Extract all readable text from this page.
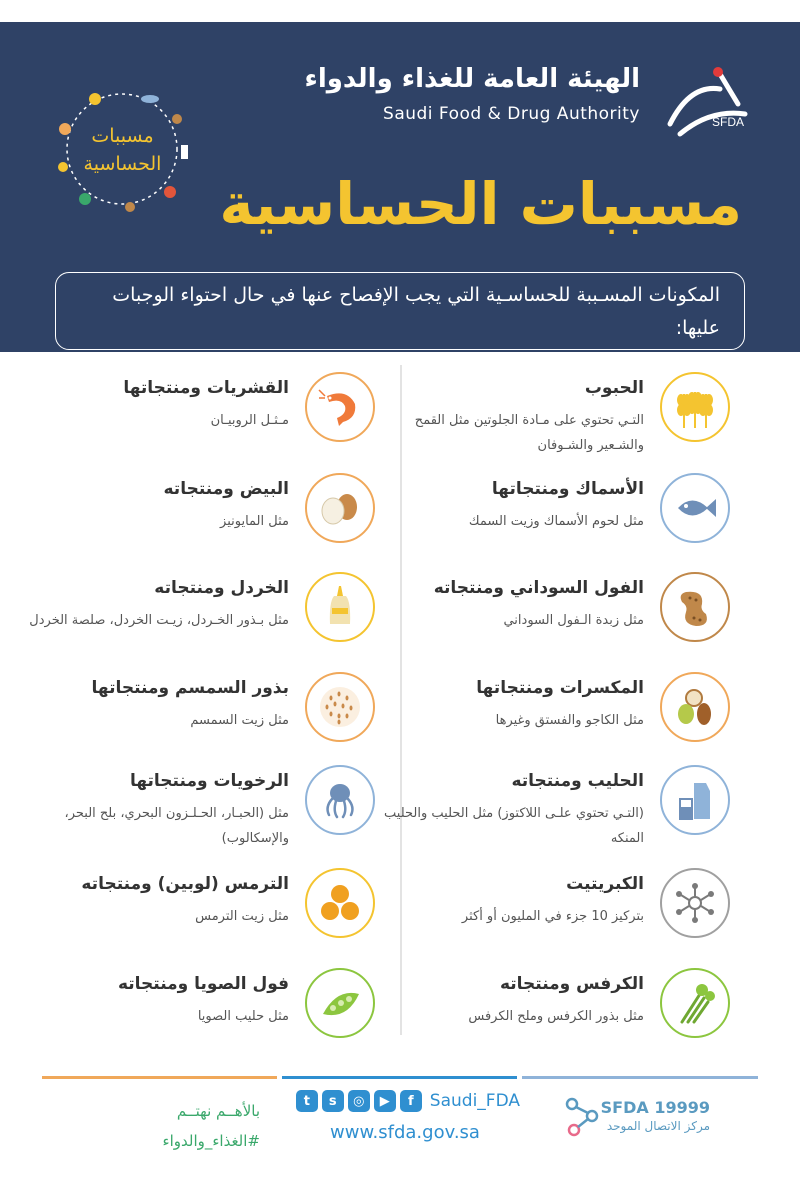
مسببات
الحساسية
الهيئة العامة للغذاء والدواء
Saudi Food & Drug Authority	SFDA
مسببات الحساسية
المكونات المسـببة للحساسـية التي يجب الإفصاح عنها في حال احتواء الوجبات عليها:
الحبوب
التـي تحتوي على مـادة الجلوتين مثل القمح والشـعير والشـوفان
الأسماك ومنتجاتها
مثل لحوم الأسماك وزيت السمك
الفول السوداني ومنتجاته
مثل زبدة الـفول السوداني
المكسرات ومنتجاتها
مثل الكاجو والفستق وغيرها
الحليب ومنتجاته
(التـي تحتوي علـى اللاكتوز) مثل الحليب والحليب المنكه
الكبريتيت
بتركيز 10 جزء في المليون أو أكثر
الكرفس ومنتجاته
مثل بذور الكرفس وملح الكرفس
القشريات ومنتجاتها
مـثـل الروبيـان
البيض ومنتجاته
مثل المايونيز
الخردل ومنتجاته
مثل بـذور الخـردل، زيـت الخردل، صلصة الخردل
بذور السمسم ومنتجاتها
مثل زيت السمسم
الرخويات ومنتجاتها
مثل (الحبـار، الحـلـزون البحري، بلح البحر، والإسكالوب)
الترمس (لوبين) ومنتجاته
مثل زيت الترمس
فول الصويا ومنتجاته
مثل حليب الصويا
بالأهــم نهتــم
#الغذاء_والدواء
t	s	◎	▶	f Saudi_FDA
www.sfda.gov.sa
SFDA 19999
مركز الاتصال الموحد
